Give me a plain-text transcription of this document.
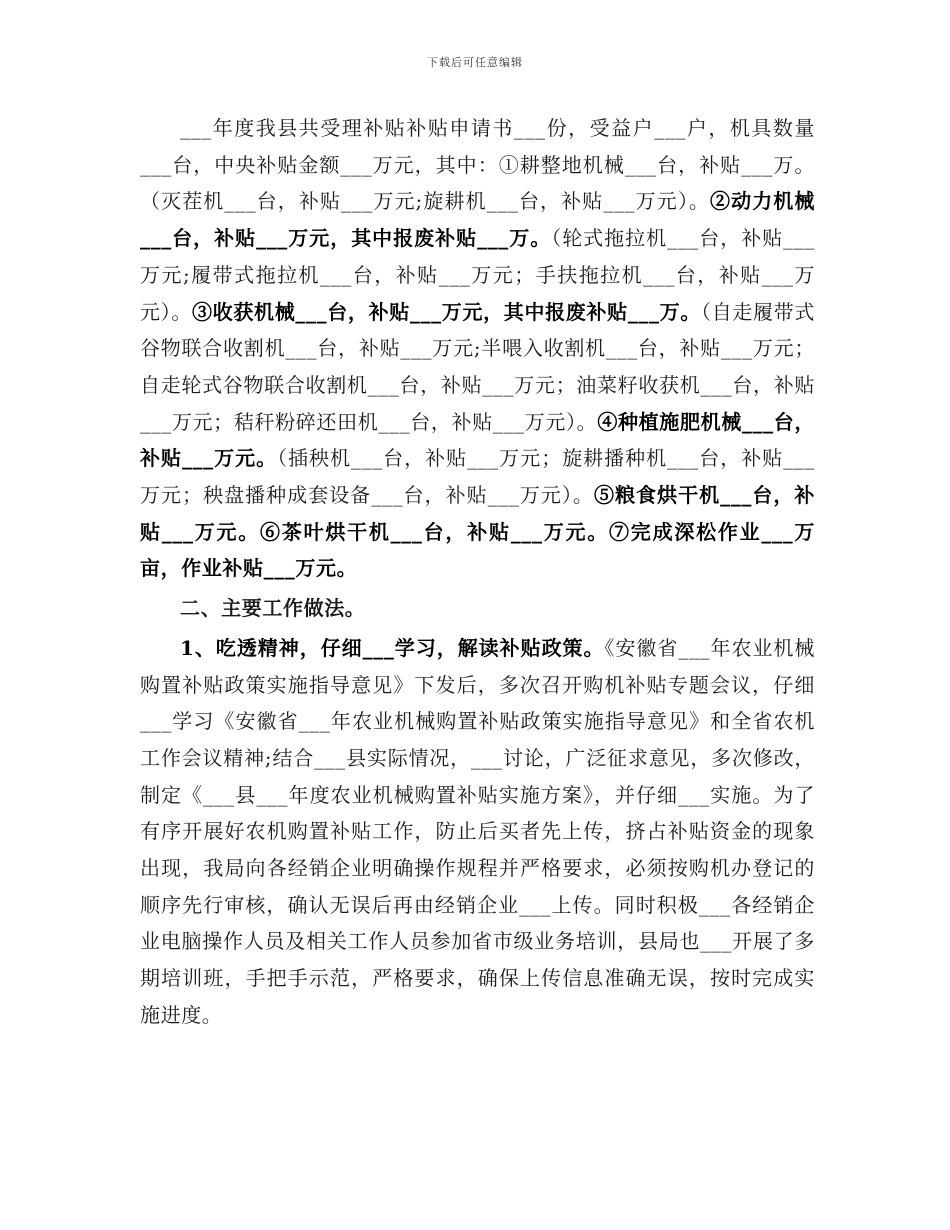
下载后可任意编辑

___年度我县共受理补贴补贴申请书___份，受益户___户，机具数量___台，中央补贴金额___万元，其中：①耕整地机械___台，补贴___万。（灭茬机___台，补贴___万元;旋耕机___台，补贴___万元）。②动力机械___台，补贴___万元，其中报废补贴___万。（轮式拖拉机___台，补贴___万元;履带式拖拉机___台，补贴___万元；手扶拖拉机___台，补贴___万元）。③收获机械___台，补贴___万元，其中报废补贴___万。（自走履带式谷物联合收割机___台，补贴___万元;半喂入收割机___台，补贴___万元；自走轮式谷物联合收割机___台，补贴___万元；油菜籽收获机___台，补贴___万元；秸秆粉碎还田机___台，补贴___万元）。④种植施肥机械___台，补贴___万元。（插秧机___台，补贴___万元；旋耕播种机___台，补贴___万元；秧盘播种成套设备___台，补贴___万元）。⑤粮食烘干机___台，补贴___万元。⑥茶叶烘干机___台，补贴___万元。⑦完成深松作业___万亩，作业补贴___万元。

二、主要工作做法。

1、吃透精神，仔细___学习，解读补贴政策。《安徽省___年农业机械购置补贴政策实施指导意见》下发后，多次召开购机补贴专题会议，仔细___学习《安徽省___年农业机械购置补贴政策实施指导意见》和全省农机工作会议精神;结合___县实际情况，___讨论，广泛征求意见，多次修改，制定《___县___年度农业机械购置补贴实施方案》，并仔细___实施。为了有序开展好农机购置补贴工作，防止后买者先上传，挤占补贴资金的现象出现，我局向各经销企业明确操作规程并严格要求，必须按购机办登记的顺序先行审核，确认无误后再由经销企业___上传。同时积极___各经销企业电脑操作人员及相关工作人员参加省市级业务培训，县局也___开展了多期培训班，手把手示范，严格要求，确保上传信息准确无误，按时完成实施进度。
